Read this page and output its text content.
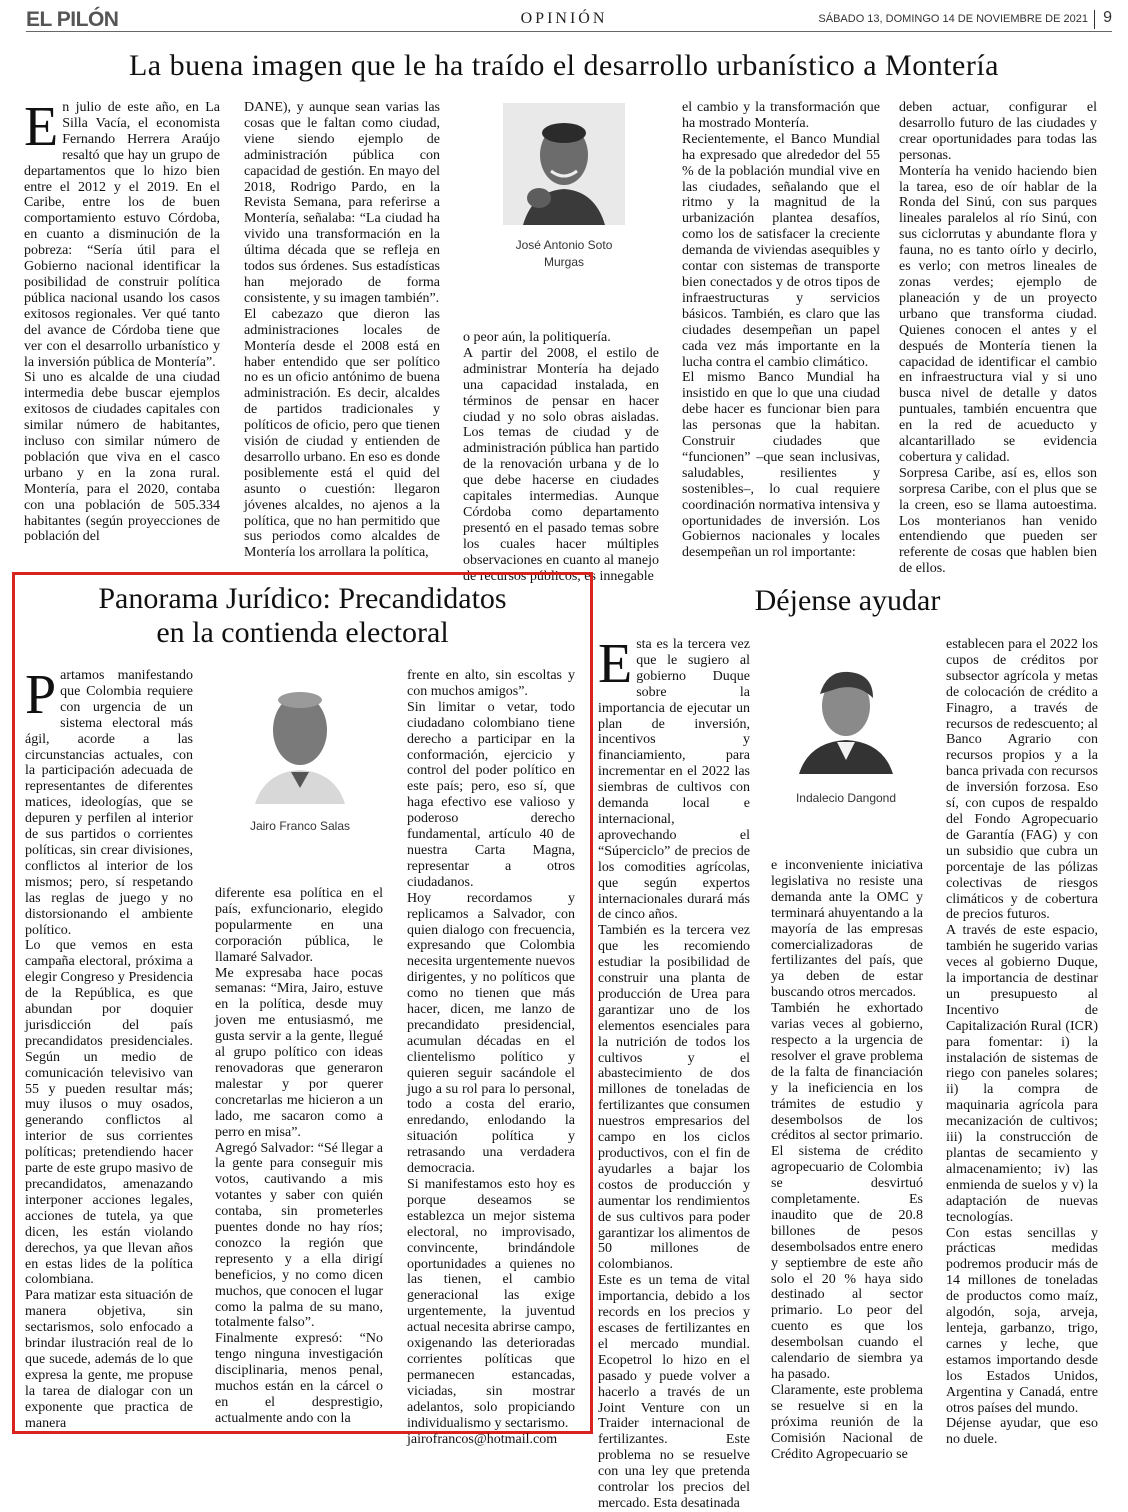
EL PILÓN	OPINIÓN	SÁBADO 13, DOMINGO 14 DE NOVIEMBRE DE 2021 9
La buena imagen que le ha traído el desarrollo urbanístico a Montería
E n julio de este año, en La Silla Vacía, el economista Fernando Herrera Araújo resaltó que hay un grupo de departamentos que lo hizo bien entre el 2012 y el 2019. En el Caribe, entre los de buen comportamiento estuvo Córdoba, en cuanto a disminución de la pobreza: “Sería útil para el Gobierno nacional identificar la posibilidad de construir política pública nacional usando los casos exitosos regionales. Ver qué tanto del avance de Córdoba tiene que ver con el desarrollo urbanístico y la inversión pública de Montería”.

Si uno es alcalde de una ciudad intermedia debe buscar ejemplos exitosos de ciudades capitales con similar número de habitantes, incluso con similar número de población que viva en el casco urbano y en la zona rural. Montería, para el 2020, contaba con una población de 505.334 habitantes (según proyecciones de población del

DANE), y aunque sean varias las cosas que le faltan como ciudad, viene siendo ejemplo de administración pública con capacidad de gestión. En mayo del 2018, Rodrigo Pardo, en la Revista Semana, para referirse a Montería, señalaba: “La ciudad ha vivido una transformación en la última década que se refleja en todos sus órdenes. Sus estadísticas han mejorado de forma consistente, y su imagen también”.

El cabezazo que dieron las administraciones locales de Montería desde el 2008 está en haber entendido que ser político no es un oficio antónimo de buena administración. Es decir, alcaldes de partidos tradicionales y políticos de oficio, pero que tienen visión de ciudad y entienden de desarrollo urbano. En eso es donde posiblemente está el quid del asunto o cuestión: llegaron jóvenes alcaldes, no ajenos a la política, que no han permitido que sus periodos como alcaldes de Montería los arrollara la política,

José Antonio Soto
Murgas

o peor aún, la politiquería.

A partir del 2008, el estilo de administrar Montería ha dejado una capacidad instalada, en términos de pensar en hacer ciudad y no solo obras aisladas. Los temas de ciudad y de administración pública han partido de la renovación urbana y de lo que debe hacerse en ciudades capitales intermedias. Aunque Córdoba como departamento presentó en el pasado temas sobre los cuales hacer múltiples observaciones en cuanto al manejo de recursos públicos, es innegable

el cambio y la transformación que ha mostrado Montería.

Recientemente, el Banco Mundial ha expresado que alrededor del 55 % de la población mundial vive en las ciudades, señalando que el ritmo y la magnitud de la urbanización plantea desafíos, como los de satisfacer la creciente demanda de viviendas asequibles y contar con sistemas de transporte bien conectados y de otros tipos de infraestructuras y servicios básicos. También, es claro que las ciudades desempeñan un papel cada vez más importante en la lucha contra el cambio climático.

El mismo Banco Mundial ha insistido en que lo que una ciudad debe hacer es funcionar bien para las personas que la habitan. Construir ciudades que “funcionen” –que sean inclusivas, saludables, resilientes y sostenibles–, lo cual requiere coordinación normativa intensiva y oportunidades de inversión. Los Gobiernos nacionales y locales desempeñan un rol importante:

deben actuar, configurar el desarrollo futuro de las ciudades y crear oportunidades para todas las personas.

Montería ha venido haciendo bien la tarea, eso de oír hablar de la Ronda del Sinú, con sus parques lineales paralelos al río Sinú, con sus ciclorrutas y abundante flora y fauna, no es tanto oírlo y decirlo, es verlo; con metros lineales de zonas verdes; ejemplo de planeación y de un proyecto urbano que transforma ciudad. Quienes conocen el antes y el después de Montería tienen la capacidad de identificar el cambio en infraestructura vial y si uno busca nivel de detalle y datos puntuales, también encuentra que en la red de acueducto y alcantarillado se evidencia cobertura y calidad.

Sorpresa Caribe, así es, ellos son sorpresa Caribe, con el plus que se la creen, eso se llama autoestima. Los monterianos han venido entendiendo que pueden ser referente de cosas que hablen bien de ellos.

Panorama Jurídico: Precandidatos
en la contienda electoral
P artamos manifestando que Colombia requiere con urgencia de un sistema electoral más ágil, acorde a las circunstancias actuales, con la participación adecuada de representantes de diferentes matices, ideologías, que se depuren y perfilen al interior de sus partidos o corrientes políticas, sin crear divisiones, conflictos al interior de los mismos; pero, sí respetando las reglas de juego y no distorsionando el ambiente político.

Lo que vemos en esta campaña electoral, próxima a elegir Congreso y Presidencia de la República, es que abundan por doquier jurisdicción del país precandidatos presidenciales. Según un medio de comunicación televisivo van 55 y pueden resultar más; muy ilusos o muy osados, generando conflictos al interior de sus corrientes políticas; pretendiendo hacer parte de este grupo masivo de precandidatos, amenazando interponer acciones legales, acciones de tutela, ya que dicen, les están violando derechos, ya que llevan años en estas lides de la política colombiana.

Para matizar esta situación de manera objetiva, sin sectarismos, solo enfocado a brindar ilustración real de lo que sucede, además de lo que expresa la gente, me propuse la tarea de dialogar con un exponente que practica de manera

Jairo Franco Salas

diferente esa política en el país, exfuncionario, elegido popularmente en una corporación pública, le llamaré Salvador.

Me expresaba hace pocas semanas: “Mira, Jairo, estuve en la política, desde muy joven me entusiasmó, me gusta servir a la gente, llegué al grupo político con ideas renovadoras que generaron malestar y por querer concretarlas me hicieron a un lado, me sacaron como a perro en misa”.

Agregó Salvador: “Sé llegar a la gente para conseguir mis votos, cautivando a mis votantes y saber con quién contaba, sin prometerles puentes donde no hay ríos; conozco la región que represento y a ella dirigí beneficios, y no como dicen muchos, que conocen el lugar como la palma de su mano, totalmente falso”.

Finalmente expresó: “No tengo ninguna investigación disciplinaria, menos penal, muchos están en la cárcel o en el desprestigio, actualmente ando con la

frente en alto, sin escoltas y con muchos amigos”.

Sin limitar o vetar, todo ciudadano colombiano tiene derecho a participar en la conformación, ejercicio y control del poder político en este país; pero, eso sí, que haga efectivo ese valioso y poderoso derecho fundamental, artículo 40 de nuestra Carta Magna, representar a otros ciudadanos.

Hoy recordamos y replicamos a Salvador, con quien dialogo con frecuencia, expresando que Colombia necesita urgentemente nuevos dirigentes, y no políticos que como no tienen que más hacer, dicen, me lanzo de precandidato presidencial, acumulan décadas en el clientelismo político y quieren seguir sacándole el jugo a su rol para lo personal, todo a costa del erario, enredando, enlodando la situación política y retrasando una verdadera democracia.

Si manifestamos esto hoy es porque deseamos se establezca un mejor sistema electoral, no improvisado, convincente, brindándole oportunidades a quienes no las tienen, el cambio generacional las exige urgentemente, la juventud actual necesita abrirse campo, oxigenando las deterioradas corrientes políticas que permanecen estancadas, viciadas, sin mostrar adelantos, solo propiciando individualismo y sectarismo.

jairofrancos@hotmail.com

Déjense ayudar
E sta es la tercera vez que le sugiero al gobierno Duque sobre la importancia de ejecutar un plan de inversión, incentivos y financiamiento, para incrementar en el 2022 las siembras de cultivos con demanda local e internacional, aprovechando el “Súperciclo” de precios de los comodities agrícolas, que según expertos internacionales durará más de cinco años.

También es la tercera vez que les recomiendo estudiar la posibilidad de construir una planta de producción de Urea para garantizar uno de los elementos esenciales para la nutrición de todos los cultivos y el abastecimiento de dos millones de toneladas de fertilizantes que consumen nuestros empresarios del campo en los ciclos productivos, con el fin de ayudarles a bajar los costos de producción y aumentar los rendimientos de sus cultivos para poder garantizar los alimentos de 50 millones de colombianos.

Este es un tema de vital importancia, debido a los records en los precios y escases de fertilizantes en el mercado mundial. Ecopetrol lo hizo en el pasado y puede volver a hacerlo a través de un Joint Venture con un Traider internacional de fertilizantes. Este problema no se resuelve con una ley que pretenda controlar los precios del mercado. Esta desatinada

Indalecio Dangond

e inconveniente iniciativa legislativa no resiste una demanda ante la OMC y terminará ahuyentando a la mayoría de las empresas comercializadoras de fertilizantes del país, que ya deben de estar buscando otros mercados.

También he exhortado varias veces al gobierno, respecto a la urgencia de resolver el grave problema de la falta de financiación y la ineficiencia en los trámites de estudio y desembolsos de los créditos al sector primario. El sistema de crédito agropecuario de Colombia se desvirtuó completamente. Es inaudito que de 20.8 billones de pesos desembolsados entre enero y septiembre de este año solo el 20 % haya sido destinado al sector primario. Lo peor del cuento es que los desembolsan cuando el calendario de siembra ya ha pasado.

Claramente, este problema se resuelve si en la próxima reunión de la Comisión Nacional de Crédito Agropecuario se

establecen para el 2022 los cupos de créditos por subsector agrícola y metas de colocación de crédito a Finagro, a través de recursos de redescuento; al Banco Agrario con recursos propios y a la banca privada con recursos de inversión forzosa. Eso sí, con cupos de respaldo del Fondo Agropecuario de Garantía (FAG) y con un subsidio que cubra un porcentaje de las pólizas colectivas de riesgos climáticos y de cobertura de precios futuros.

A través de este espacio, también he sugerido varias veces al gobierno Duque, la importancia de destinar un presupuesto al Incentivo de Capitalización Rural (ICR) para fomentar: i) la instalación de sistemas de riego con paneles solares; ii) la compra de maquinaria agrícola para mecanización de cultivos; iii) la construcción de plantas de secamiento y almacenamiento; iv) las enmienda de suelos y v) la adaptación de nuevas tecnologías.

Con estas sencillas y prácticas medidas podremos producir más de 14 millones de toneladas de productos como maíz, algodón, soja, arveja, lenteja, garbanzo, trigo, carnes y leche, que estamos importando desde los Estados Unidos, Argentina y Canadá, entre otros países del mundo.

Déjense ayudar, que eso no duele.
